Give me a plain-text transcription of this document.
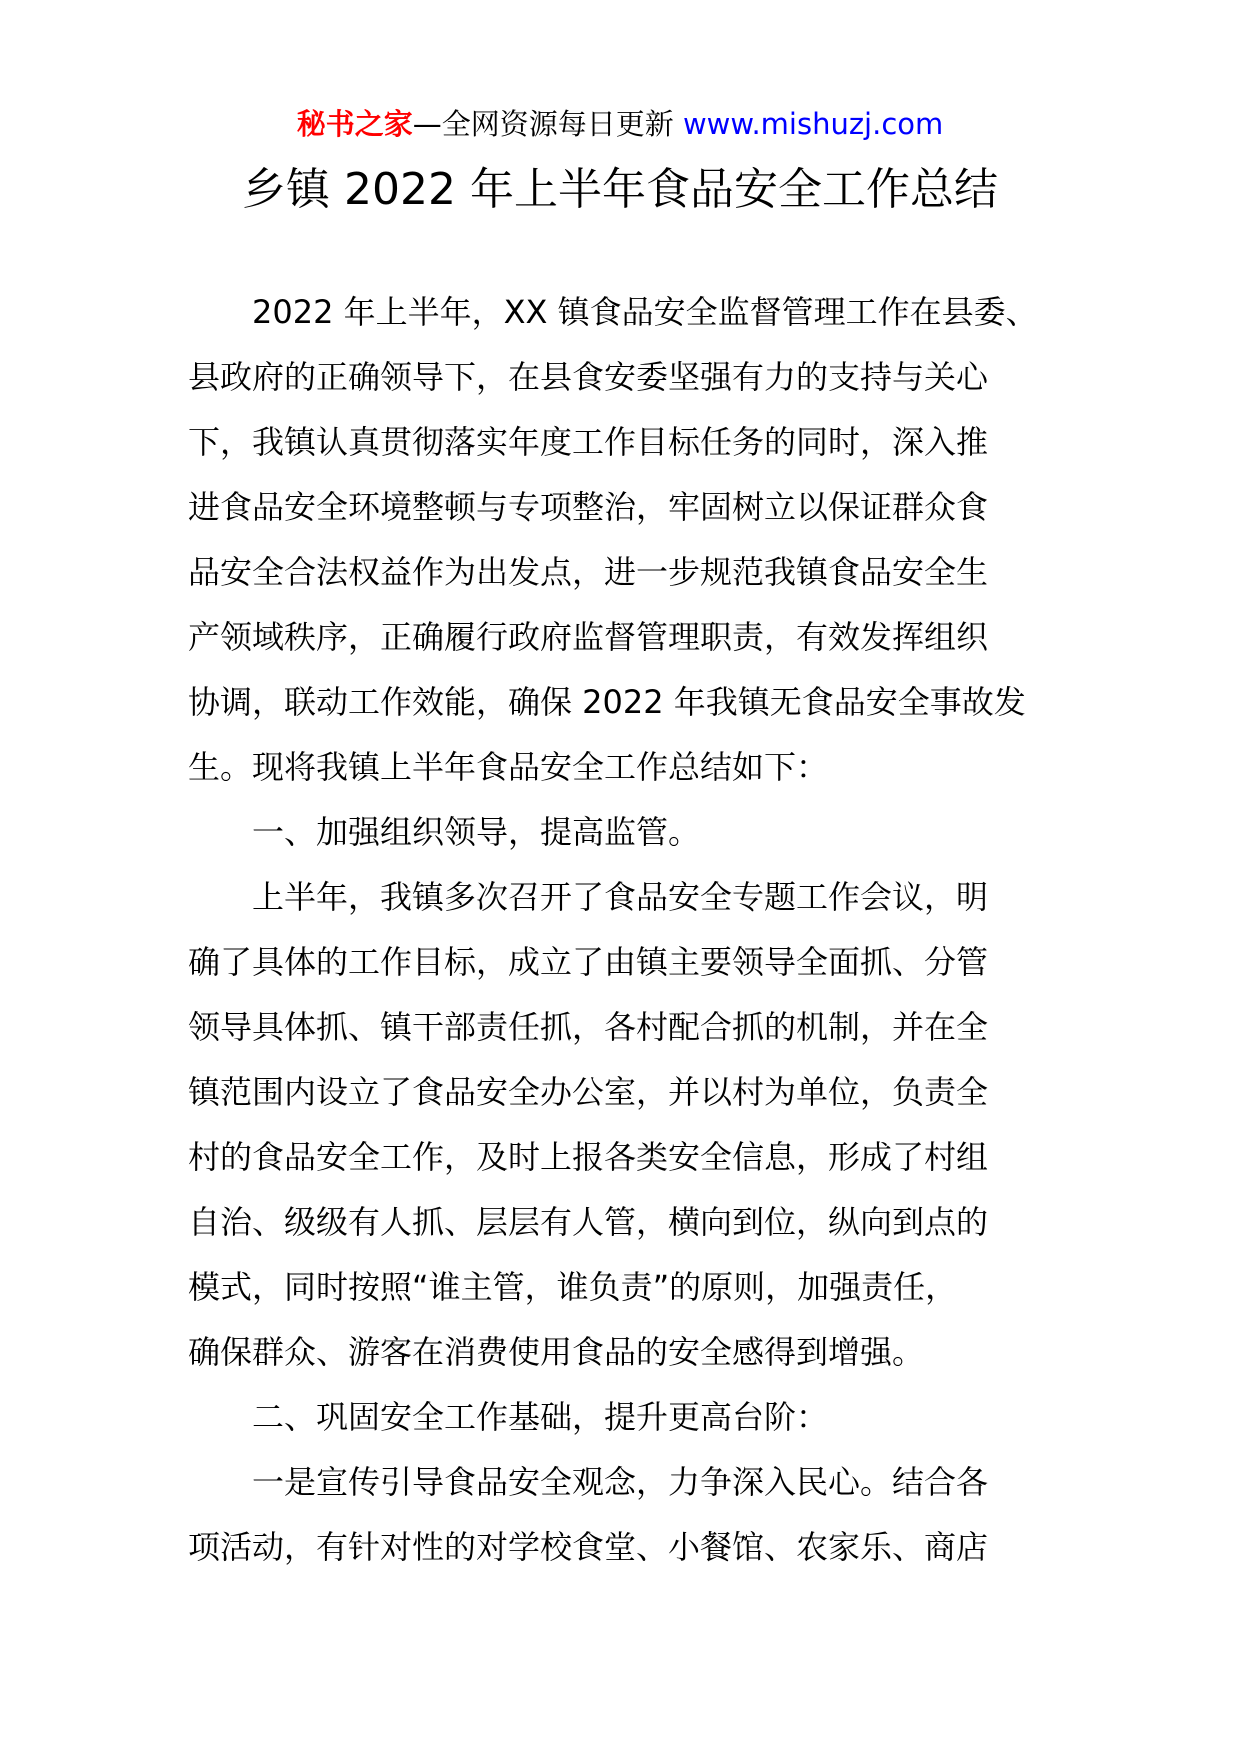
秘书之家—全网资源每日更新 www.mishuzj.com
乡镇 2022 年上半年食品安全工作总结
　　2022 年上半年，XX 镇食品安全监督管理工作在县委、
县政府的正确领导下，在县食安委坚强有力的支持与关心
下，我镇认真贯彻落实年度工作目标任务的同时，深入推
进食品安全环境整顿与专项整治，牢固树立以保证群众食
品安全合法权益作为出发点，进一步规范我镇食品安全生
产领域秩序，正确履行政府监督管理职责，有效发挥组织
协调，联动工作效能，确保 2022 年我镇无食品安全事故发
生。现将我镇上半年食品安全工作总结如下：
　　一、加强组织领导，提高监管。
　　上半年，我镇多次召开了食品安全专题工作会议，明
确了具体的工作目标，成立了由镇主要领导全面抓、分管
领导具体抓、镇干部责任抓，各村配合抓的机制，并在全
镇范围内设立了食品安全办公室，并以村为单位，负责全
村的食品安全工作，及时上报各类安全信息，形成了村组
自治、级级有人抓、层层有人管，横向到位，纵向到点的
模式，同时按照“谁主管，谁负责”的原则，加强责任，
确保群众、游客在消费使用食品的安全感得到增强。
　　二、巩固安全工作基础，提升更高台阶：
　　一是宣传引导食品安全观念，力争深入民心。结合各
项活动，有针对性的对学校食堂、小餐馆、农家乐、商店
